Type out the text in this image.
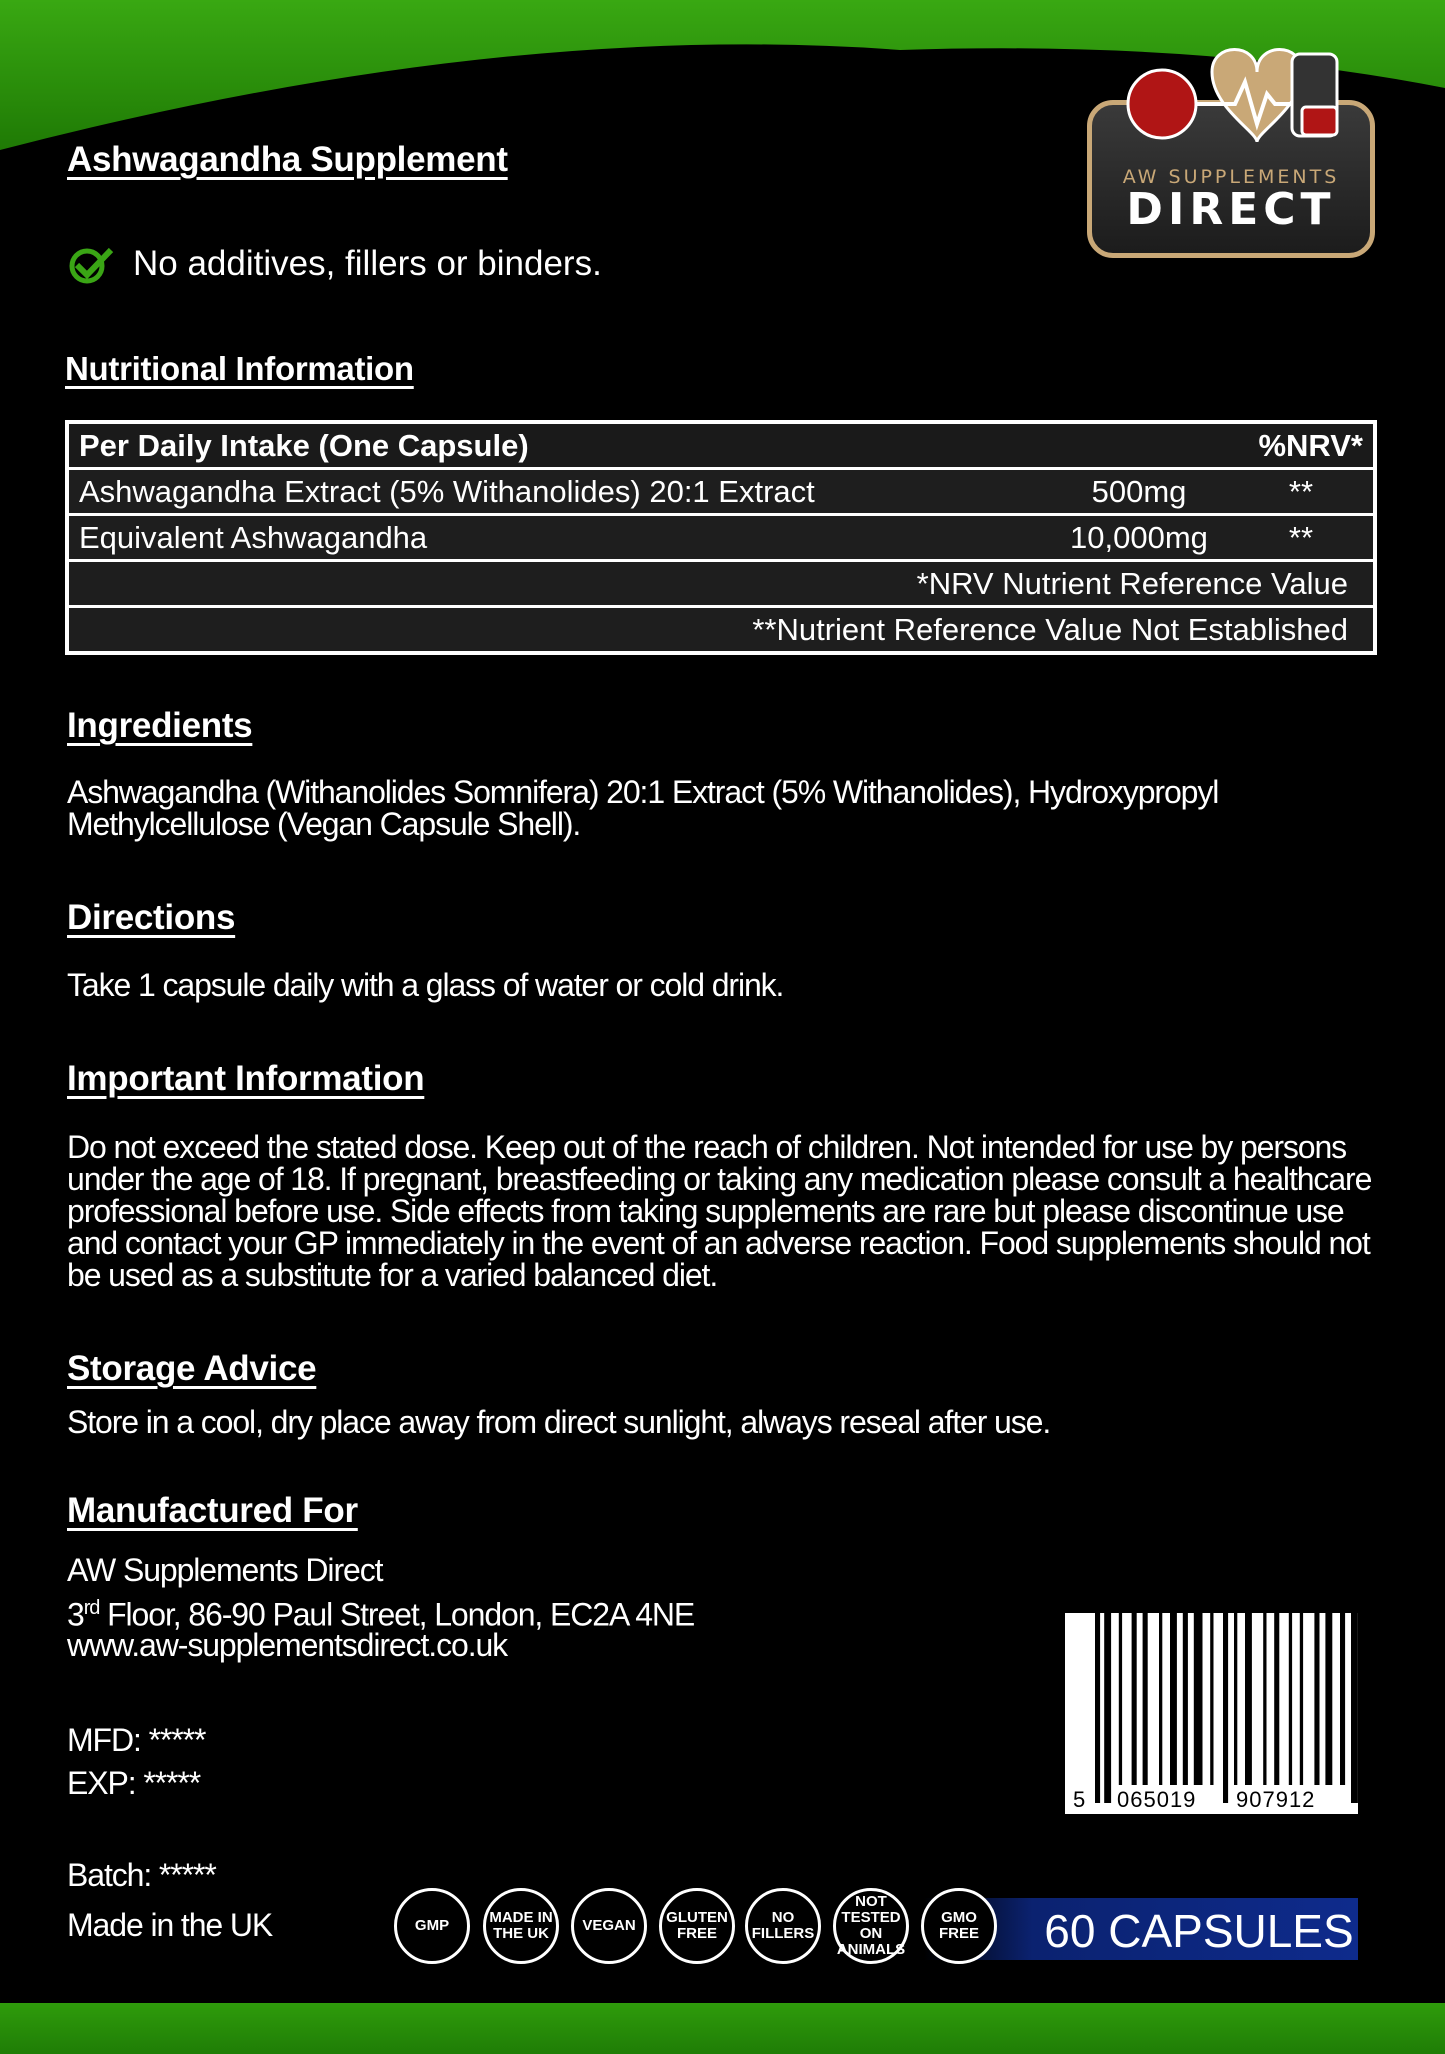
AW SUPPLEMENTS
DIRECT
Ashwagandha Supplement
No additives, fillers or binders.
Nutritional Information
Per Daily Intake (One Capsule)	%NRV*

Ashwagandha Extract (5% Withanolides) 20:1 Extract	500mg	**

Equivalent Ashwagandha	10,000mg	**

*NRV Nutrient Reference Value
**Nutrient Reference Value Not Established
Ingredients
Ashwagandha (Withanolides Somnifera) 20:1 Extract (5% Withanolides), Hydroxypropyl Methylcellulose (Vegan Capsule Shell).
Directions
Take 1 capsule daily with a glass of water or cold drink.
Important Information
Do not exceed the stated dose. Keep out of the reach of children. Not intended for use by persons under the age of 18. If pregnant, breastfeeding or taking any medication please consult a healthcare professional before use. Side effects from taking supplements are rare but please discontinue use and contact your GP immediately in the event of an adverse reaction. Food supplements should not be used as a substitute for a varied balanced diet.
Storage Advice
Store in a cool, dry place away from direct sunlight, always reseal after use.
Manufactured For
AW Supplements Direct
3rd Floor, 86-90 Paul Street, London, EC2A 4NE
www.aw-supplementsdirect.co.uk
MFD: *****
EXP: *****
Batch: *****
Made in the UK
5 065019 907912
60 CAPSULES
GMP	MADE IN
THE UK VEGAN GLUTEN
FREE
NO
FILLERS
NOT TESTED
ON ANIMALS
GMO
FREE
